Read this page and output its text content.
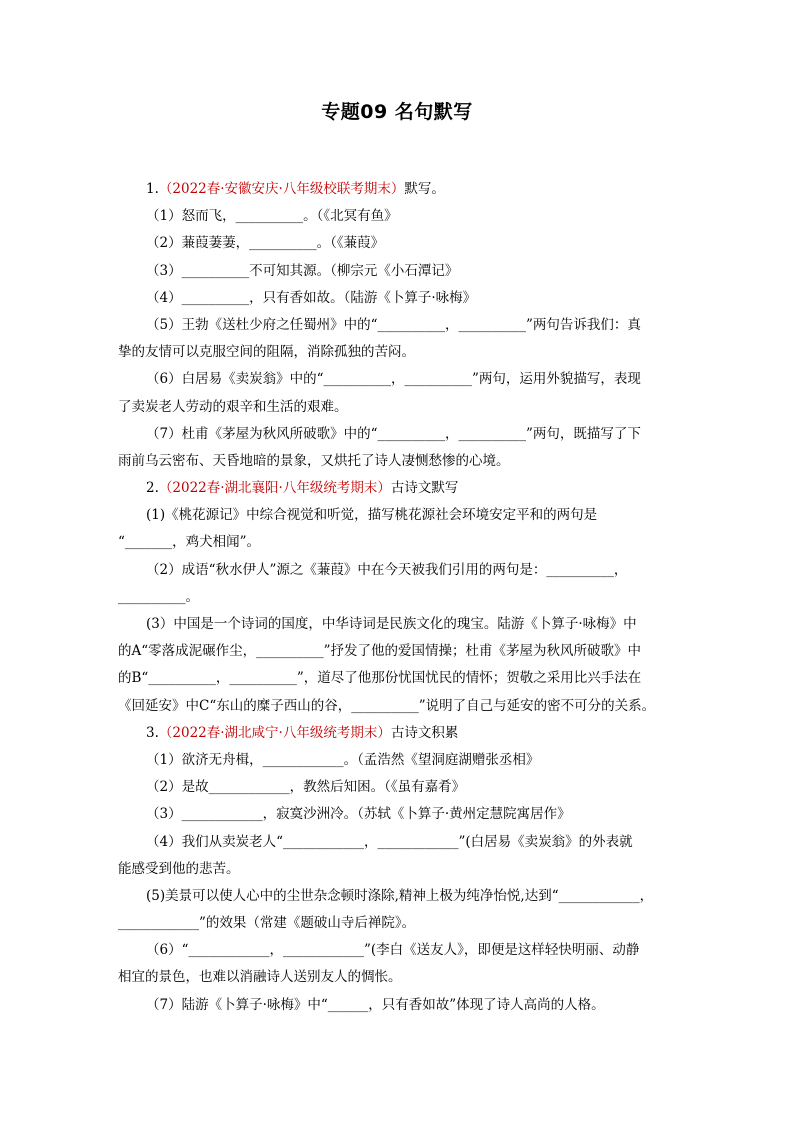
专题09 名句默写
1.（2022春·安徽安庆·八年级校联考期末）默写。
（1）怒而飞，__________。（《北冥有鱼》
（2）蒹葭萋萋，__________。（《蒹葭》
（3）__________不可知其源。（柳宗元《小石潭记》
（4）__________，只有香如故。（陆游《卜算子·咏梅》
（5）王勃《送杜少府之任蜀州》中的“__________，__________”两句告诉我们：真
挚的友情可以克服空间的阻隔，消除孤独的苦闷。
（6）白居易《卖炭翁》中的“__________，__________”两句，运用外貌描写，表现
了卖炭老人劳动的艰辛和生活的艰难。
（7）杜甫《茅屋为秋风所破歌》中的“__________，__________”两句，既描写了下
雨前乌云密布、天昏地暗的景象，又烘托了诗人凄恻愁惨的心境。
2.（2022春·湖北襄阳·八年级统考期末）古诗文默写
(1)《桃花源记》中综合视觉和听觉，描写桃花源社会环境安定平和的两句是
“_______，鸡犬相闻”。
（2）成语“秋水伊人”源之《蒹葭》中在今天被我们引用的两句是：__________，
__________。
(3）中国是一个诗词的国度，中华诗词是民族文化的瑰宝。陆游《卜算子·咏梅》中
的A“零落成泥碾作尘，__________”抒发了他的爱国情操；杜甫《茅屋为秋风所破歌》中
的B“__________，__________”，道尽了他那份忧国忧民的情怀；贺敬之采用比兴手法在
《回延安》中C“东山的糜子西山的谷，__________”说明了自己与延安的密不可分的关系。
3.（2022春·湖北咸宁·八年级统考期末）古诗文积累
（1）欲济无舟楫，____________。（孟浩然《望洞庭湖赠张丞相》
（2）是故____________，教然后知困。（《虽有嘉肴》
（3）____________，寂寞沙洲冷。（苏轼《卜算子·黄州定慧院寓居作》
（4）我们从卖炭老人“____________，____________”(白居易《卖炭翁》的外表就
能感受到他的悲苦。
(5)美景可以使人心中的尘世杂念顿时涤除,精神上极为纯净怡悦,达到“____________，
____________”的效果（常建《题破山寺后禅院》。
（6）“____________，____________”(李白《送友人》，即便是这样轻快明丽、动静
相宜的景色，也难以消融诗人送别友人的惆怅。
（7）陆游《卜算子·咏梅》中“______，只有香如故”体现了诗人高尚的人格。
